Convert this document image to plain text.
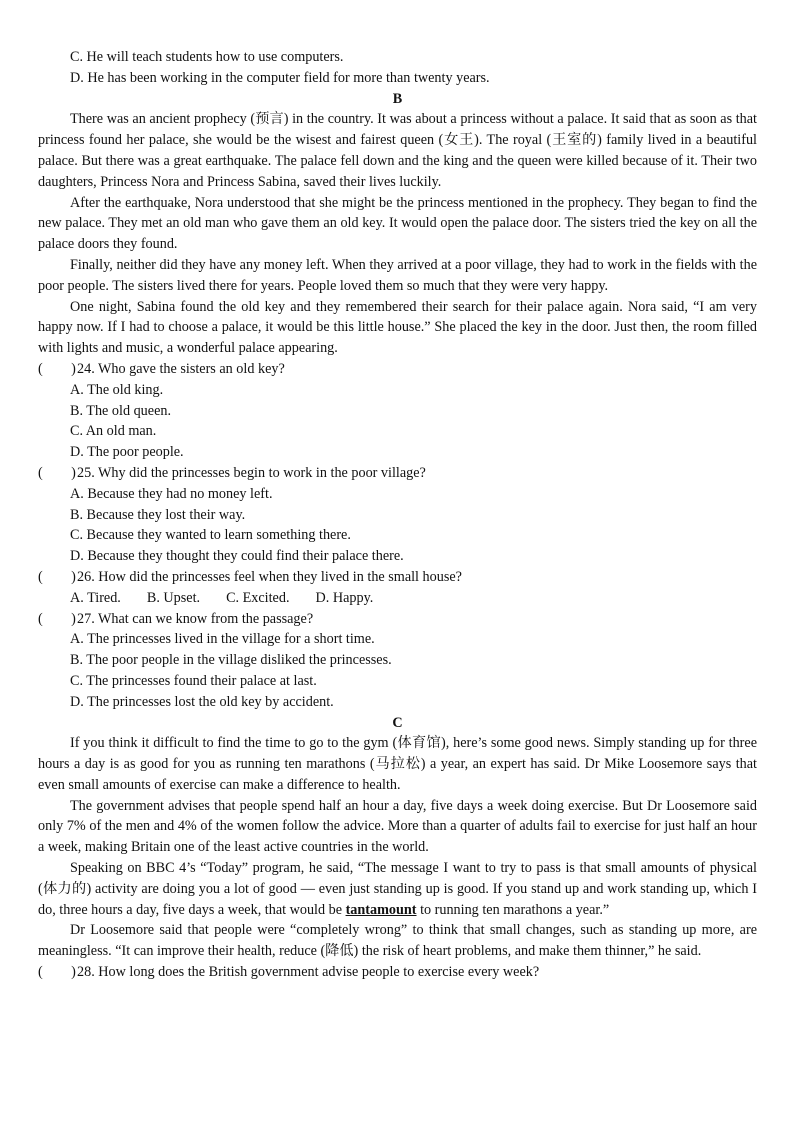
C. He will teach students how to use computers.

D. He has been working in the computer field for more than twenty years.

B

There was an ancient prophecy (预言) in the country. It was about a princess without a palace. It said that as soon as that princess found her palace, she would be the wisest and fairest queen (女王). The royal (王室的) family lived in a beautiful palace. But there was a great earthquake. The palace fell down and the king and the queen were killed because of it. Their two daughters, Princess Nora and Princess Sabina, saved their lives luckily.

After the earthquake, Nora understood that she might be the princess mentioned in the prophecy. They began to find the new palace. They met an old man who gave them an old key. It would open the palace door. The sisters tried the key on all the palace doors they found.

Finally, neither did they have any money left. When they arrived at a poor village, they had to work in the fields with the poor people. The sisters lived there for years. People loved them so much that they were very happy.

One night, Sabina found the old key and they remembered their search for their palace again. Nora said, “I am very happy now. If I had to choose a palace, it would be this little house.” She placed the key in the door. Just then, the room filled with lights and music, a wonderful palace appearing.

(　　)24. Who gave the sisters an old key?

A. The old king.

B. The old queen.

C. An old man.

D. The poor people.

(　　)25. Why did the princesses begin to work in the poor village?

A. Because they had no money left.

B. Because they lost their way.

C. Because they wanted to learn something there.

D. Because they thought they could find their palace there.

(　　)26. How did the princesses feel when they lived in the small house?

A. Tired. B. Upset. C. Excited. D. Happy.

(　　)27. What can we know from the passage?

A. The princesses lived in the village for a short time.

B. The poor people in the village disliked the princesses.

C. The princesses found their palace at last.

D. The princesses lost the old key by accident.

C

If you think it difficult to find the time to go to the gym (体育馆), here’s some good news. Simply standing up for three hours a day is as good for you as running ten marathons (马拉松) a year, an expert has said. Dr Mike Loosemore says that even small amounts of exercise can make a difference to health.

The government advises that people spend half an hour a day, five days a week doing exercise. But Dr Loosemore said only 7% of the men and 4% of the women follow the advice. More than a quarter of adults fail to exercise for just half an hour a week, making Britain one of the least active countries in the world.

Speaking on BBC 4’s “Today” program, he said, “The message I want to try to pass is that small amounts of physical (体力的) activity are doing you a lot of good — even just standing up is good. If you stand up and work standing up, which I do, three hours a day, five days a week, that would be tantamount to running ten marathons a year.”

Dr Loosemore said that people were “completely wrong” to think that small changes, such as standing up more, are meaningless. “It can improve their health, reduce (降低) the risk of heart problems, and make them thinner,” he said.

(　　)28. How long does the British government advise people to exercise every week?
